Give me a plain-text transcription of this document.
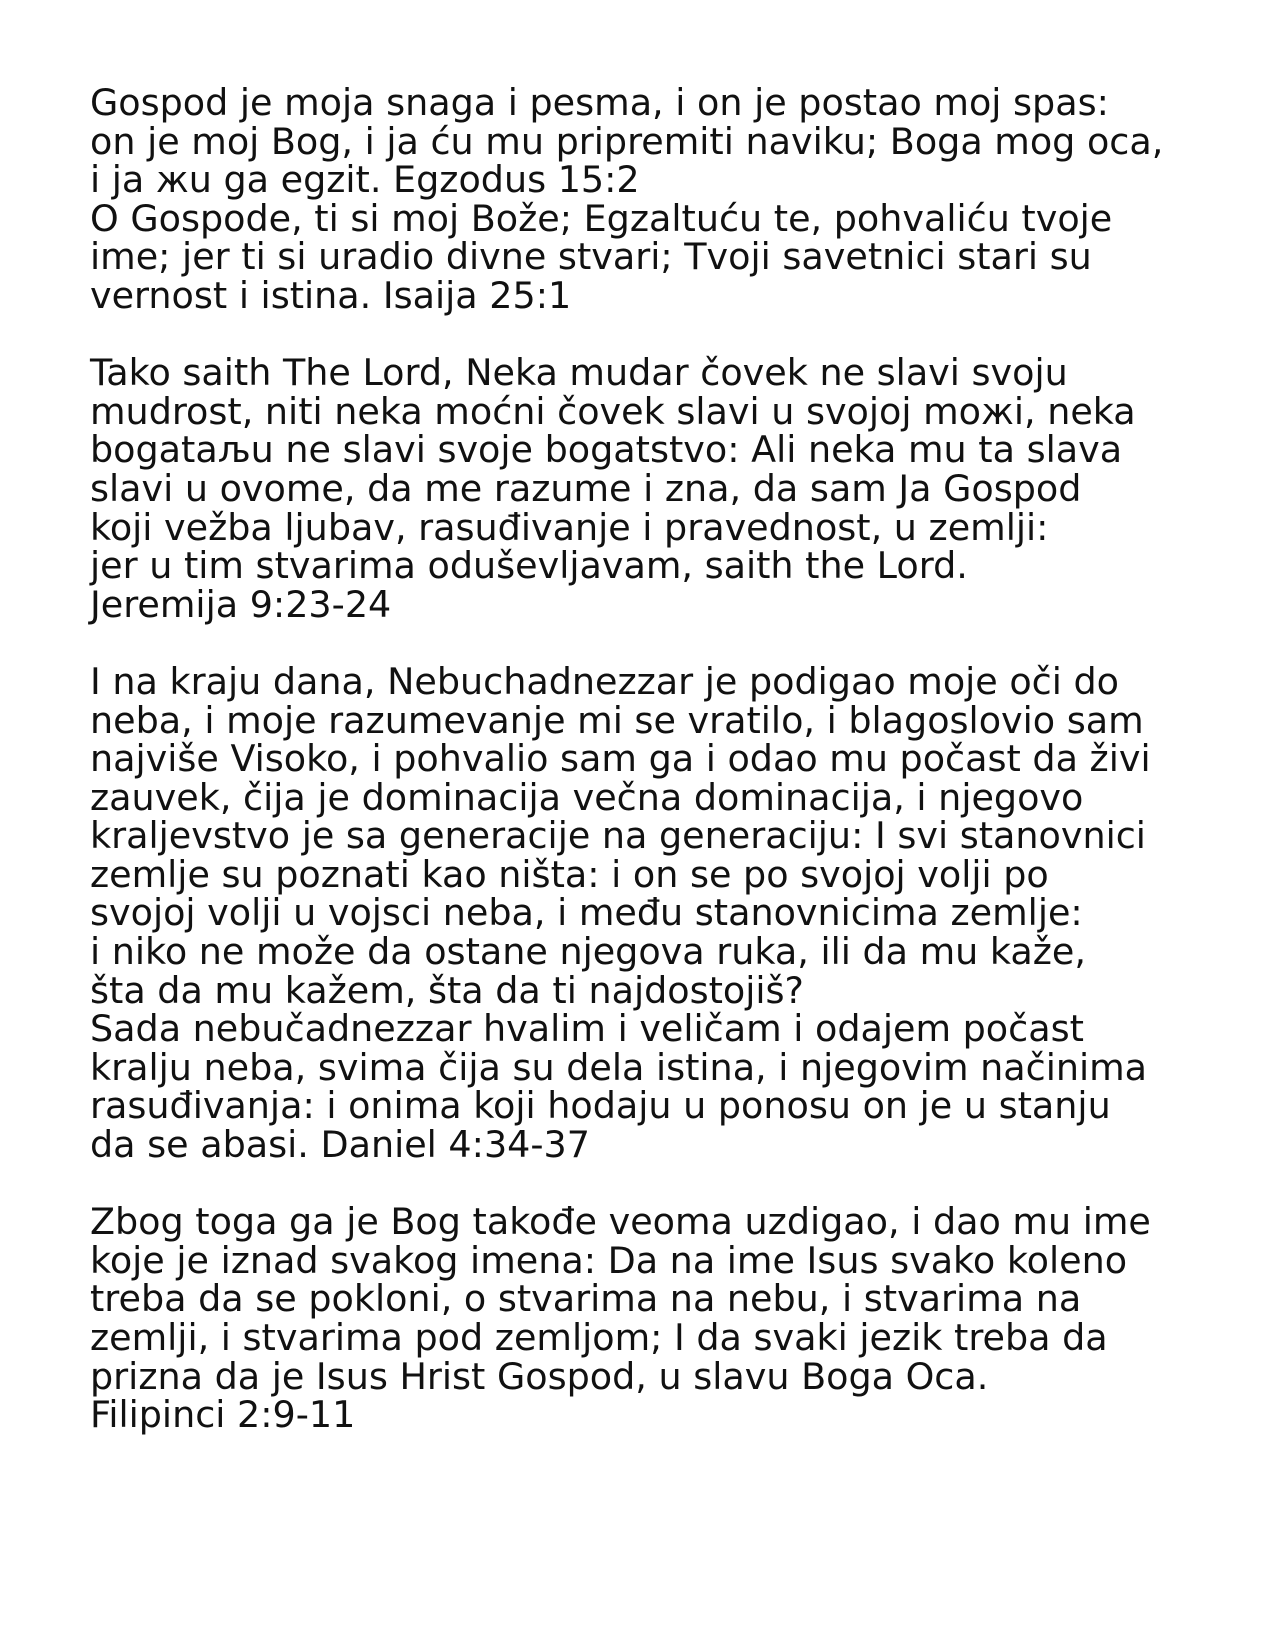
Gospod je moja snaga i pesma, i on je postao moj spas:

on je moj Bog, i ja ću mu pripremiti naviku; Boga mog oca,

i ja жu ga egzit. Egzodus 15:2

O Gospode, ti si moj Bože; Egzaltuću te, pohvaliću tvoje

ime; jer ti si uradio divne stvari; Tvoji savetnici stari su

vernost i istina. Isaija 25:1

Tako saith The Lord, Neka mudar čovek ne slavi svoju

mudrost, niti neka moćni čovek slavi u svojoj moжi, neka

bogataљu ne slavi svoje bogatstvo: Ali neka mu ta slava

slavi u ovome, da me razume i zna, da sam Ja Gospod

koji vežba ljubav, rasuđivanje i pravednost, u zemlji:

jer u tim stvarima oduševljavam, saith the Lord.

Jeremija 9:23-24

I na kraju dana, Nebuchadnezzar je podigao moje oči do

neba, i moje razumevanje mi se vratilo, i blagoslovio sam

najviše Visoko, i pohvalio sam ga i odao mu počast da živi

zauvek, čija je dominacija večna dominacija, i njegovo

kraljevstvo je sa generacije na generaciju: I svi stanovnici

zemlje su poznati kao ništa: i on se po svojoj volji po

svojoj volji u vojsci neba, i među stanovnicima zemlje:

i niko ne može da ostane njegova ruka, ili da mu kaže,

šta da mu kažem, šta da ti najdostojiš?

Sada nebučadnezzar hvalim i veličam i odajem počast

kralju neba, svima čija su dela istina, i njegovim načinima

rasuđivanja: i onima koji hodaju u ponosu on je u stanju

da se abasi. Daniel 4:34-37

Zbog toga ga je Bog takođe veoma uzdigao, i dao mu ime

koje je iznad svakog imena: Da na ime Isus svako koleno

treba da se pokloni, o stvarima na nebu, i stvarima na

zemlji, i stvarima pod zemljom; I da svaki jezik treba da

prizna da je Isus Hrist Gospod, u slavu Boga Oca.

Filipinci 2:9-11
